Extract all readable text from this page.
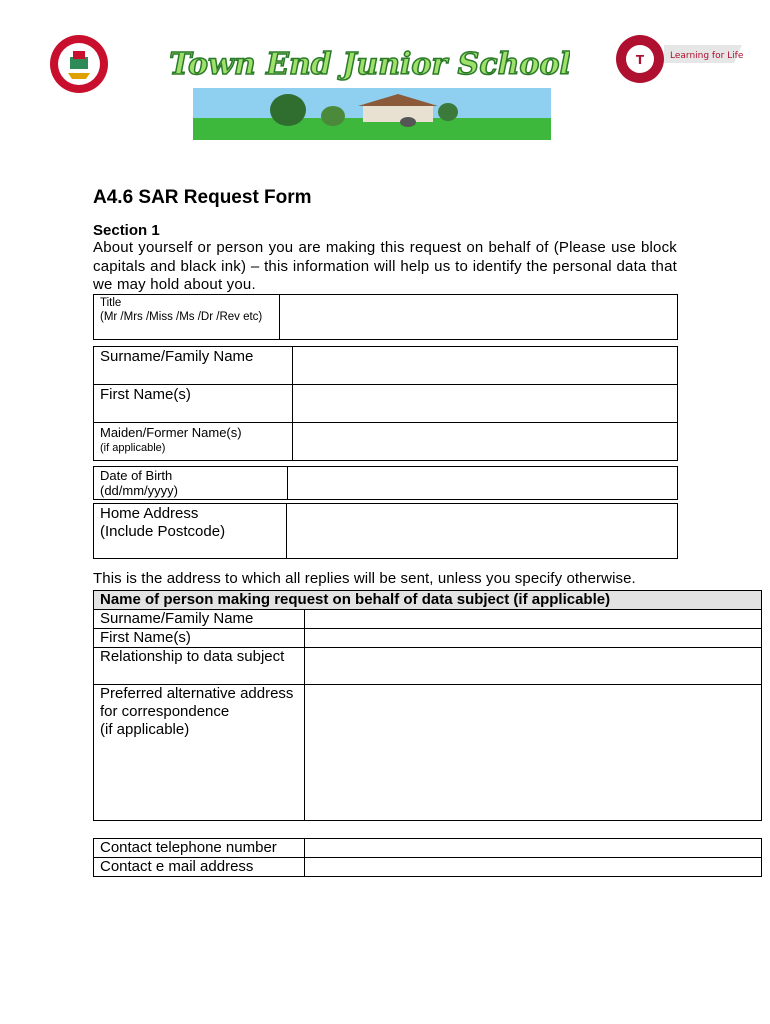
Town End Junior School	T	Learning for Life
A4.6 SAR Request Form
Section 1
About yourself or person you are making this request on behalf of (Please use block capitals and black ink) – this information will help us to identify the personal data that we may hold about you.
Title
(Mr /Mrs /Miss /Ms /Dr /Rev etc)	
Surname/Family Name	
First Name(s)	
Maiden/Former Name(s)
(if applicable)	

Date of Birth
(dd/mm/yyyy)	
Home Address
(Include Postcode)	
This is the address to which all replies will be sent, unless you specify otherwise.
Name of person making request on behalf of data subject (if applicable)	
Surname/Family Name	
First Name(s)	
Relationship to data subject	
Preferred alternative address for correspondence
(if applicable)	
Contact telephone number	
Contact e mail address	
